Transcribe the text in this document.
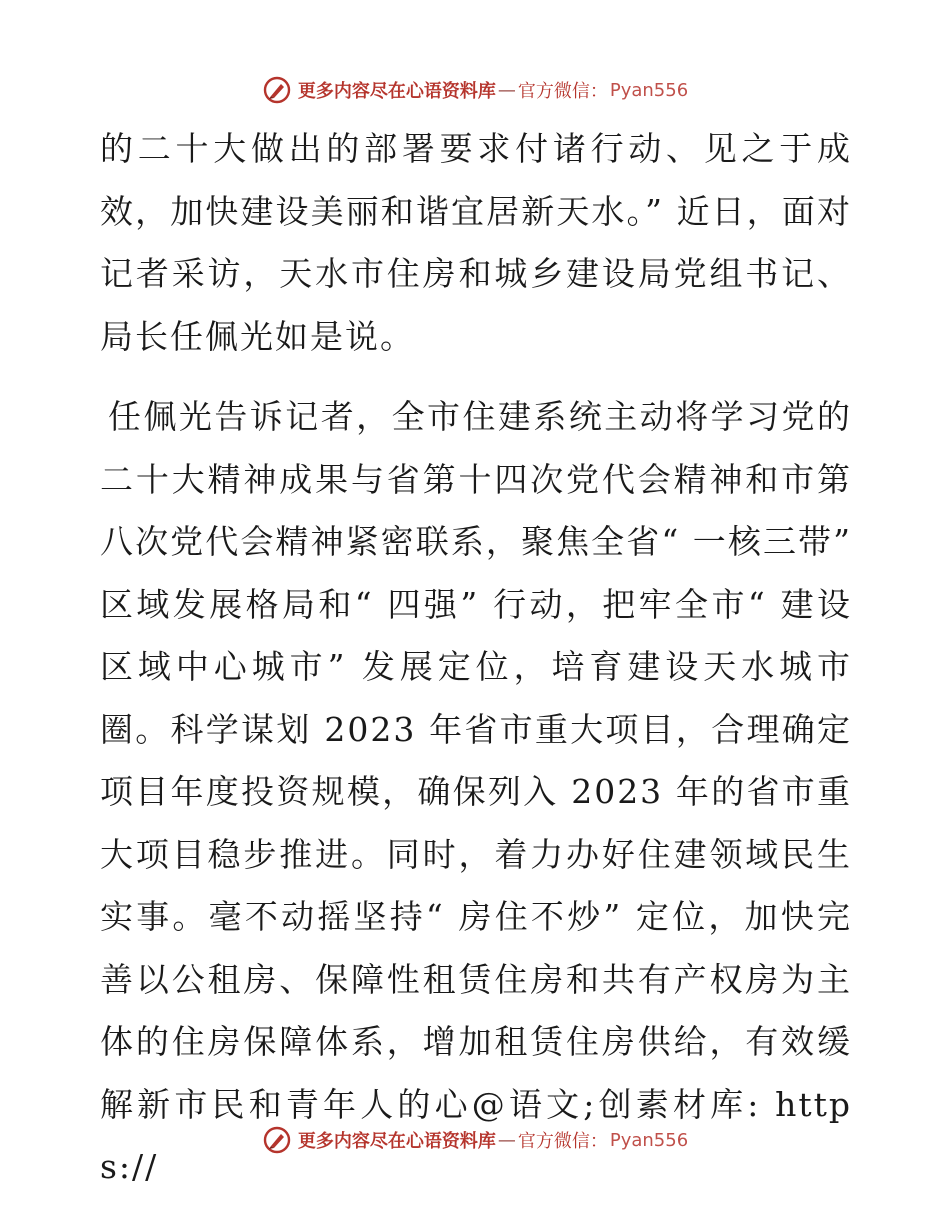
更多内容尽在心语资料库 — 官方微信： Pyan556

的二十大做出的部署要求付诸行动、见之于成效，加快建设美丽和谐宜居新天水。” 近日，面对记者采访，天水市住房和城乡建设局党组书记、局长任佩光如是说。

任佩光告诉记者，全市住建系统主动将学习党的二十大精神成果与省第十四次党代会精神和市第八次党代会精神紧密联系，聚焦全省“ 一核三带” 区域发展格局和“ 四强” 行动，把牢全市“ 建设区域中心城市” 发展定位，培育建设天水城市圈。科学谋划 2023 年省市重大项目，合理确定项目年度投资规模，确保列入 2023 年的省市重大项目稳步推进。同时，着力办好住建领域民生实事。毫不动摇坚持“ 房住不炒” 定位，加快完善以公租房、保障性租赁住房和共有产权房为主体的住房保障体系，增加租赁住房供给，有效缓解新市民和青年人的心@语文;创素材库: https://

更多内容尽在心语资料库 — 官方微信： Pyan556
